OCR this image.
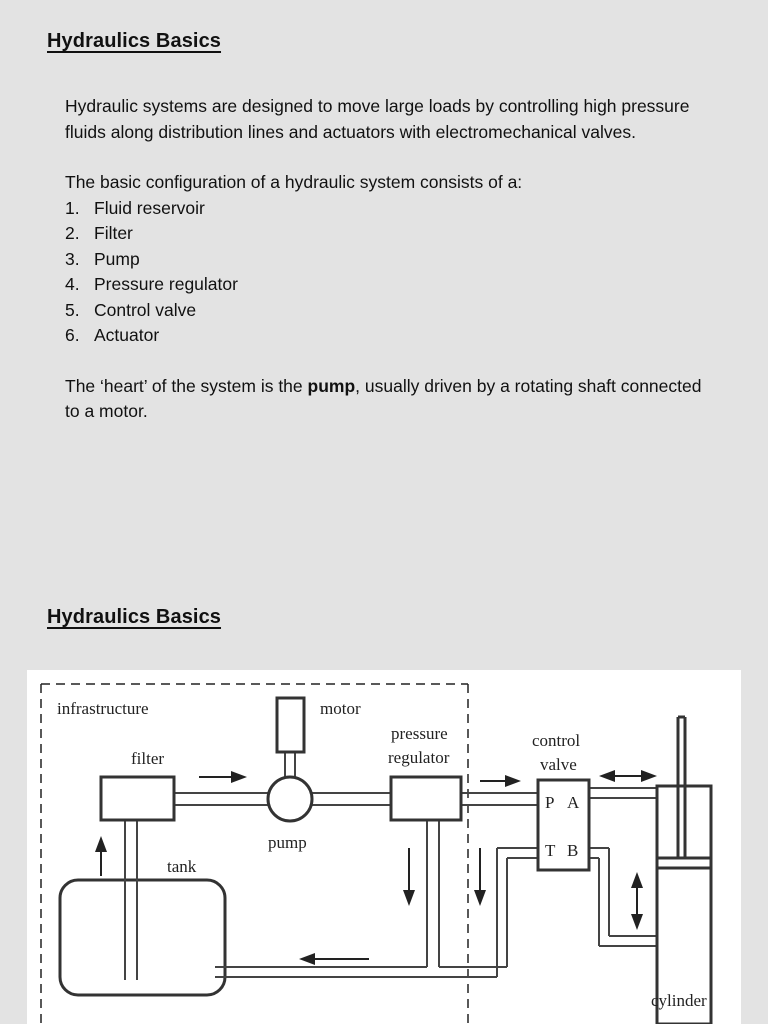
Hydraulics Basics

Hydraulic systems are designed to move large loads by controlling high pressure fluids along distribution lines and actuators with electromechanical valves.

The basic configuration of a hydraulic system consists of a:
1. Fluid reservoir
2. Filter
3. Pump
4. Pressure regulator
5. Control valve
6. Actuator

The ‘heart’ of the system is the pump, usually driven by a rotating shaft connected to a motor.

Hydraulics Basics
infrastructure	motor
filter
pump
tank
pressure
regulator
control
valve
P A
T B
cylinder
